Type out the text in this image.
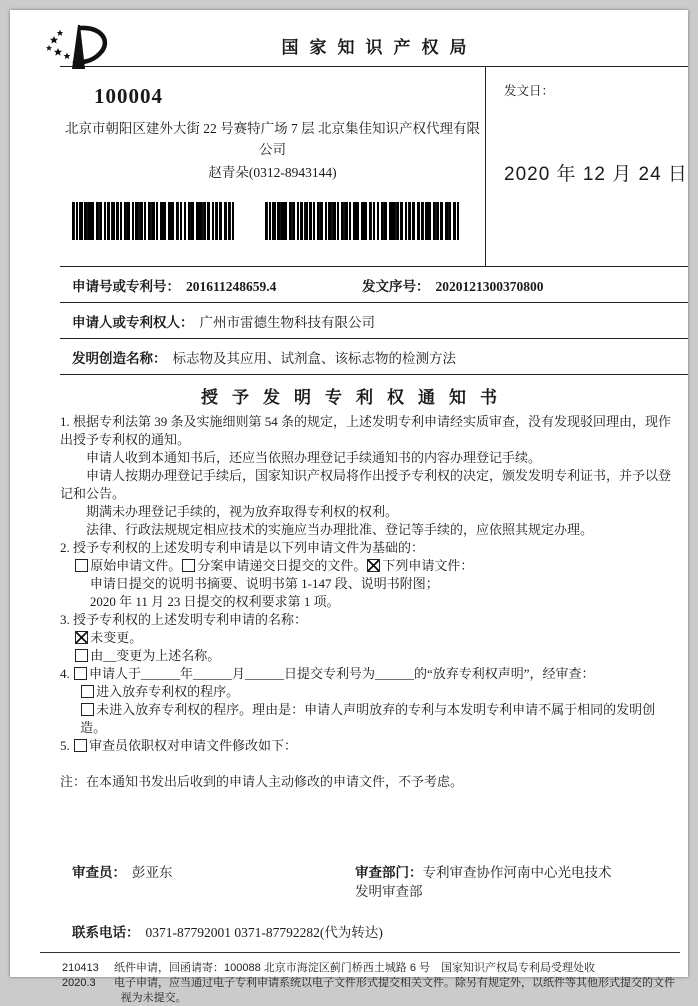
国家知识产权局
100004
北京市朝阳区建外大街 22 号赛特广场 7 层 北京集佳知识产权代理有限公司
赵青朵(0312-8943144)
发文日：
2020 年 12 月 24 日
申请号或专利号： 201611248659.4	发文序号： 2020121300370800
申请人或专利权人： 广州市雷德生物科技有限公司
发明创造名称： 标志物及其应用、试剂盒、该标志物的检测方法
授予发明专利权通知书
1. 根据专利法第 39 条及实施细则第 54 条的规定，上述发明专利申请经实质审查，没有发现驳回理由，现作出授予专利权的通知。
申请人收到本通知书后，还应当依照办理登记手续通知书的内容办理登记手续。
申请人按期办理登记手续后，国家知识产权局将作出授予专利权的决定，颁发发明专利证书，并予以登记和公告。
期满未办理登记手续的，视为放弃取得专利权的权利。
法律、行政法规规定相应技术的实施应当办理批准、登记等手续的，应依照其规定办理。
2. 授予专利权的上述发明专利申请是以下列申请文件为基础的：
原始申请文件。 分案申请递交日提交的文件。 下列申请文件：
申请日提交的说明书摘要、说明书第 1-147 段、说明书附图；
2020 年 11 月 23 日提交的权利要求第 1 项。
3. 授予专利权的上述发明专利申请的名称：
未变更。
由__变更为上述名称。
4. 申请人于______年______月______日提交专利号为______的“放弃专利权声明”，经审查：
进入放弃专利权的程序。
未进入放弃专利权的程序。理由是：申请人声明放弃的专利与本发明专利申请不属于相同的发明创造。
5. 审查员依职权对申请文件修改如下：
注：在本通知书发出后收到的申请人主动修改的申请文件，不予考虑。
审查员： 彭亚东	审查部门：专利审查协作河南中心光电技术发明审查部
联系电话： 0371-87792001 0371-87792282(代为转达)
210413
2020.3
纸件申请，回函请寄：100088 北京市海淀区蓟门桥西土城路 6 号　国家知识产权局专利局受理处收
电子申请，应当通过电子专利申请系统以电子文件形式提交相关文件。除另有规定外，以纸件等其他形式提交的文件视为未提交。
